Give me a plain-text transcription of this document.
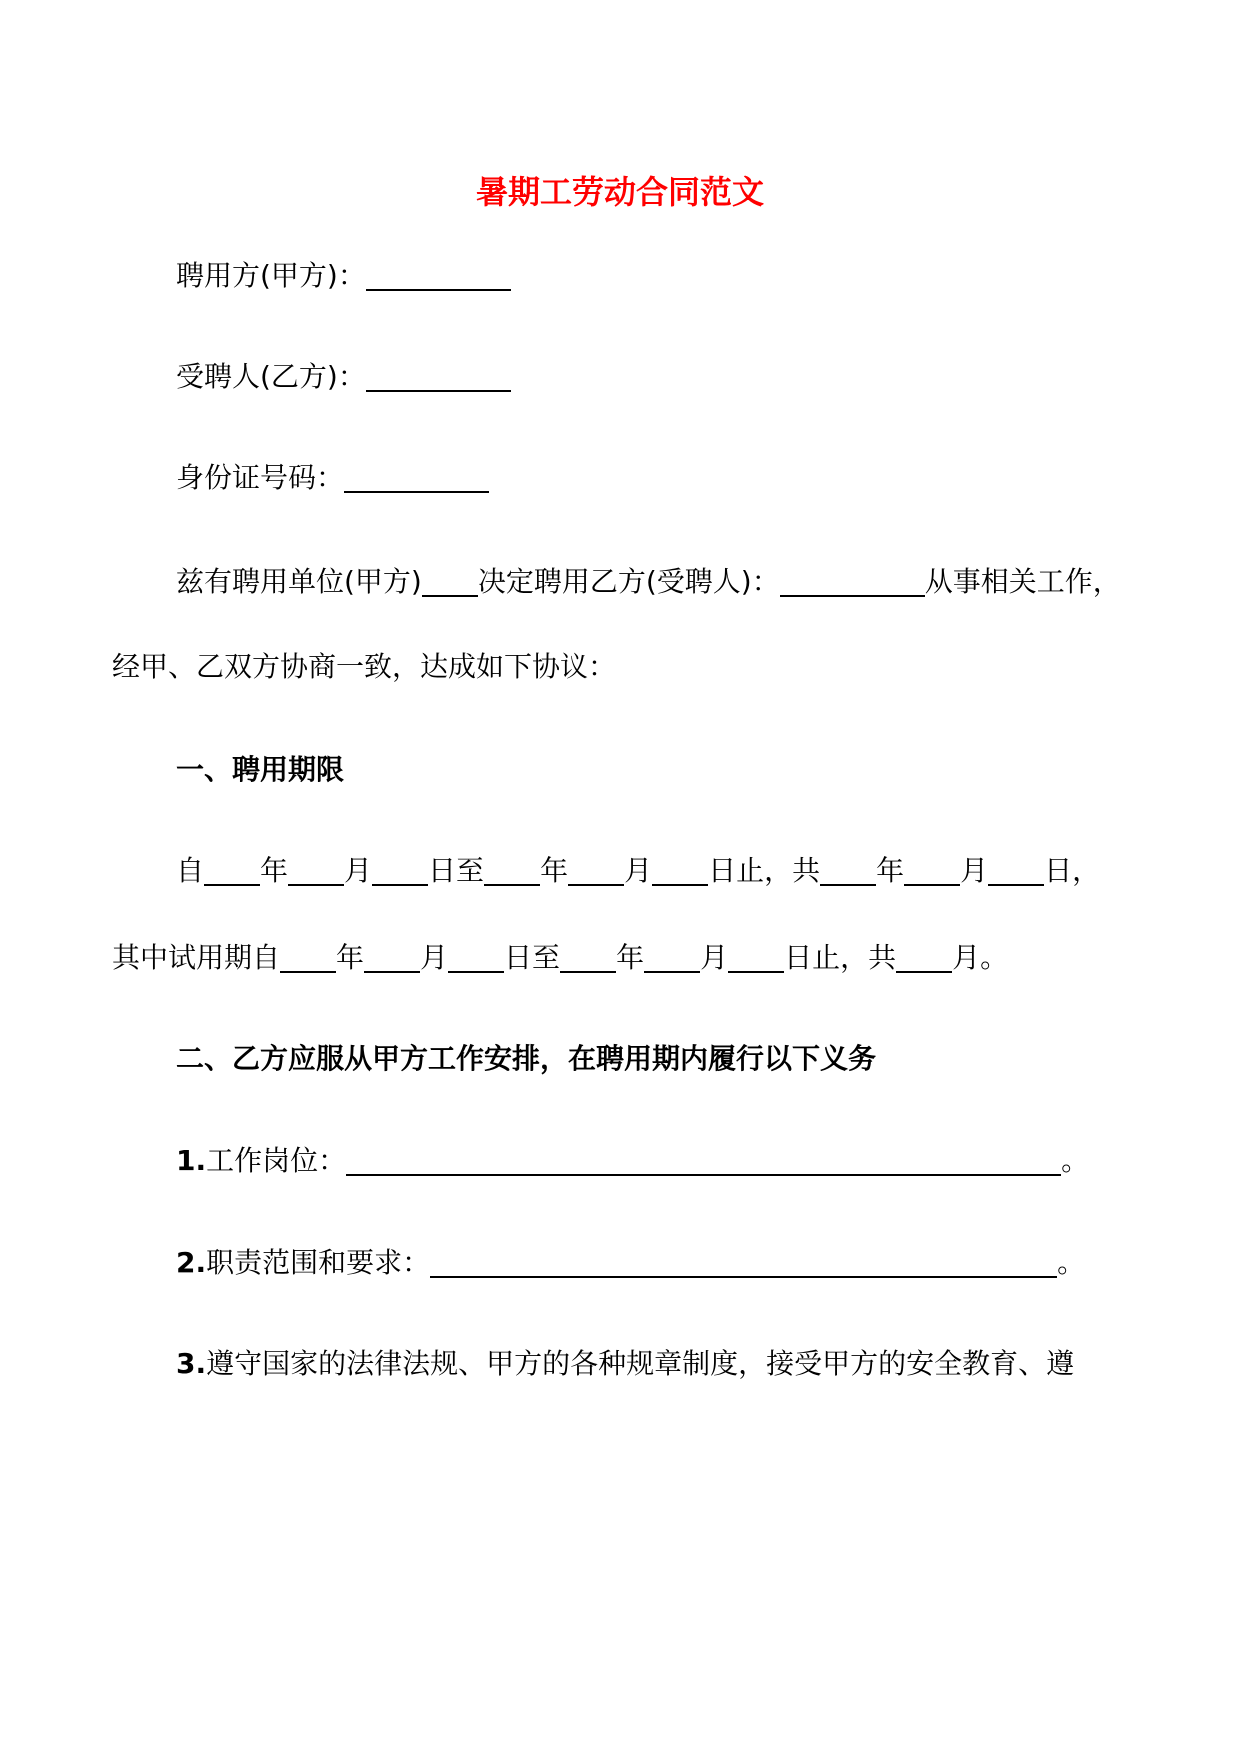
暑期工劳动合同范文
聘用方(甲方)：
受聘人(乙方)：
身份证号码：
兹有聘用单位(甲方) 决定聘用乙方(受聘人)：	从事相关工作，
经甲、乙双方协商一致，达成如下协议：
一、聘用期限
自 年 月 日至 年 月 日止，共 年 月 日，
其中试用期自 年 月 日至 年 月 日止，共 月。
二、乙方应服从甲方工作安排，在聘用期内履行以下义务
1.工作岗位：	。
2.职责范围和要求：	。
3.遵守国家的法律法规、甲方的各种规章制度，接受甲方的安全教育、遵
